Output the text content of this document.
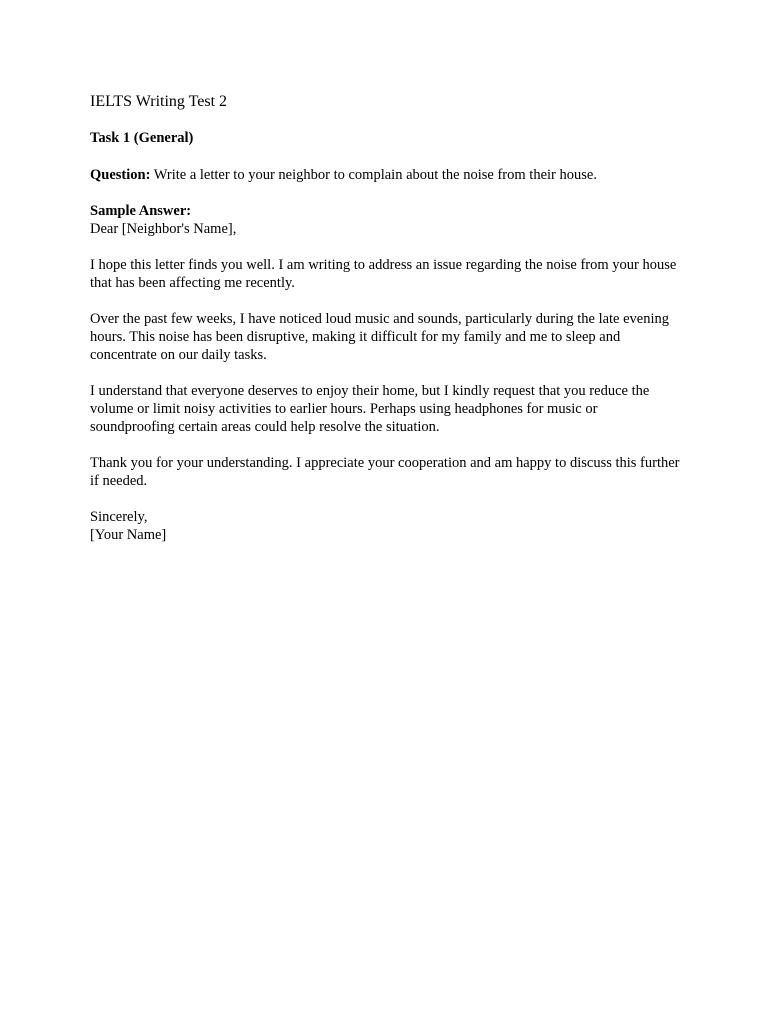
IELTS Writing Test 2
Task 1 (General)

Question: Write a letter to your neighbor to complain about the noise from their house.

Sample Answer:
Dear [Neighbor's Name],

I hope this letter finds you well. I am writing to address an issue regarding the noise from your house that has been affecting me recently.

Over the past few weeks, I have noticed loud music and sounds, particularly during the late evening hours. This noise has been disruptive, making it difficult for my family and me to sleep and concentrate on our daily tasks.

I understand that everyone deserves to enjoy their home, but I kindly request that you reduce the volume or limit noisy activities to earlier hours. Perhaps using headphones for music or soundproofing certain areas could help resolve the situation.

Thank you for your understanding. I appreciate your cooperation and am happy to discuss this further if needed.

Sincerely,
[Your Name]
